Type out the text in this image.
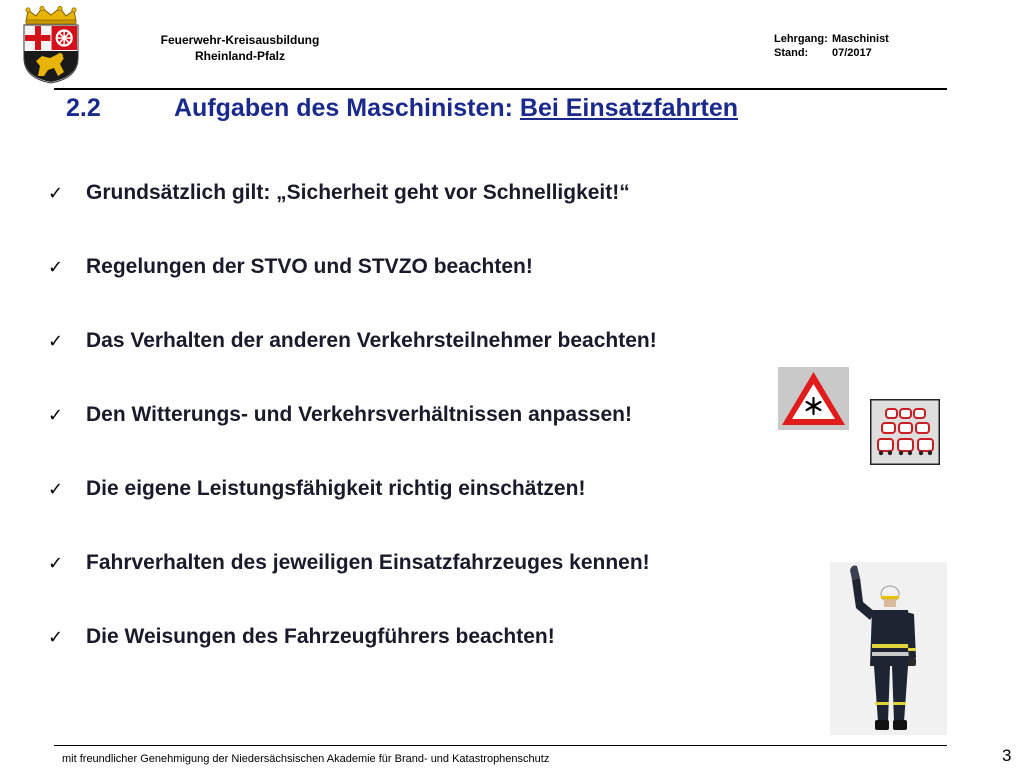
Feuerwehr-Kreisausbildung
Rheinland-Pfalz
Lehrgang: Maschinist
Stand:	07/2017
2.2	Aufgaben des Maschinisten: Bei Einsatzfahrten
✓	Grundsätzlich gilt: „Sicherheit geht vor Schnelligkeit!“
✓	Regelungen der STVO und STVZO beachten!
✓	Das Verhalten der anderen Verkehrsteilnehmer beachten!
✓	Den Witterungs- und Verkehrsverhältnissen anpassen!
✓	Die eigene Leistungsfähigkeit richtig einschätzen!
✓	Fahrverhalten des jeweiligen Einsatzfahrzeuges kennen!
✓	Die Weisungen des Fahrzeugführers beachten!
mit freundlicher Genehmigung der Niedersächsischen Akademie für Brand- und Katastrophenschutz	3
